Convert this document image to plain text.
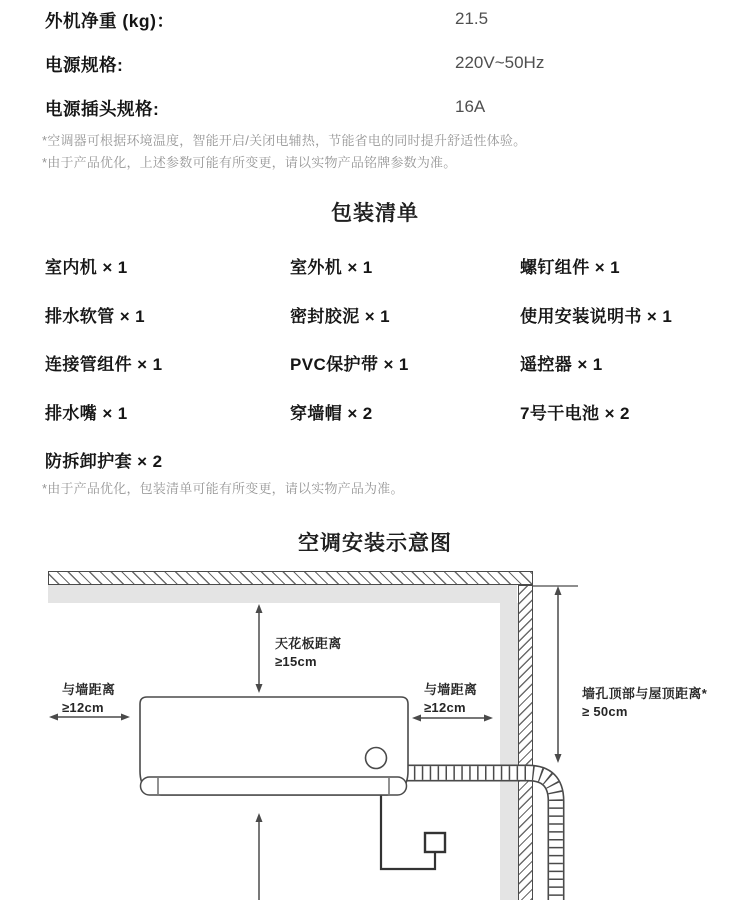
外机净重 (kg)：	21.5
电源规格:	220V~50Hz
电源插头规格:	16A
*空调器可根据环境温度，智能开启/关闭电辅热，节能省电的同时提升舒适性体验。
*由于产品优化，上述参数可能有所变更，请以实物产品铭牌参数为准。
包装清单
室内机 × 1	室外机 × 1	螺钉组件 × 1
排水软管 × 1	密封胶泥 × 1	使用安装说明书 × 1
连接管组件 × 1	PVC保护带 × 1	遥控器 × 1
排水嘴 × 1	穿墙帽 × 2	7号干电池 × 2
防拆卸护套 × 2
*由于产品优化，包装清单可能有所变更，请以实物产品为准。
空调安装示意图
天花板距离
≥15cm
与墙距离
≥12cm
与墙距离
≥12cm
墙孔顶部与屋顶距离*
≥ 50cm
